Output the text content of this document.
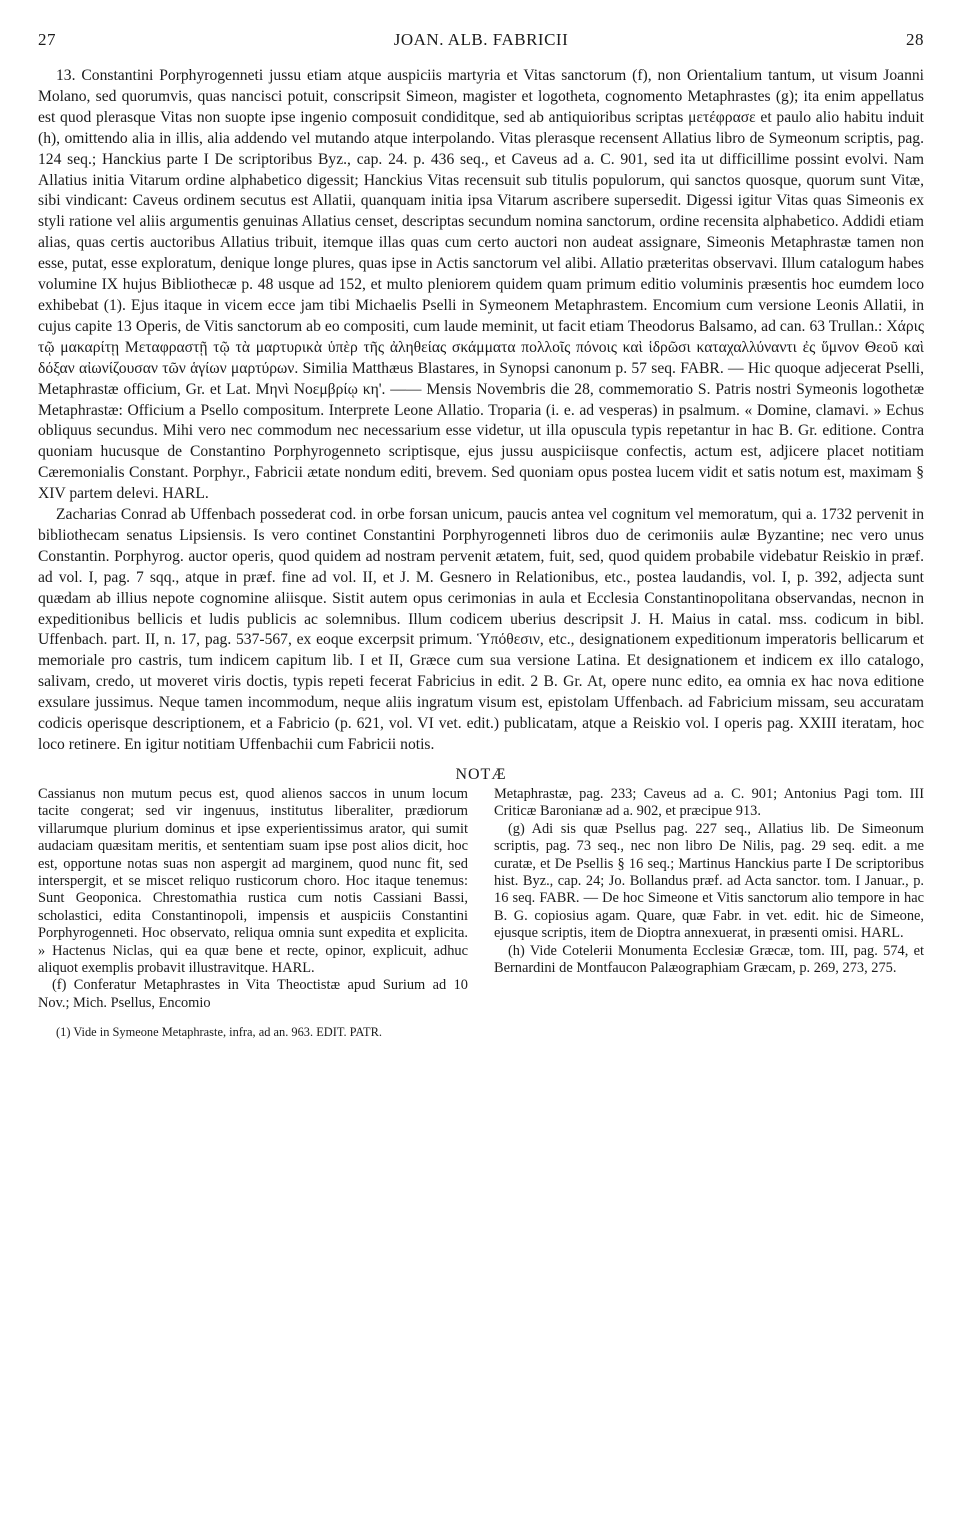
27	JOAN. ALB. FABRICII	28

13. Constantini Porphyrogenneti jussu etiam atque auspiciis martyria et Vitas sanctorum (f), non Orientalium tantum, ut visum Joanni Molano, sed quorumvis, quas nancisci potuit, conscripsit Simeon, magister et logotheta, cognomento Metaphrastes (g); ita enim appellatus est quod plerasque Vitas non suopte ipse ingenio composuit condiditque, sed ab antiquioribus scriptas μετέφρασε et paulo alio habitu induit (h), omittendo alia in illis, alia addendo vel mutando atque interpolando. Vitas plerasque recensent Allatius libro de Symeonum scriptis, pag. 124 seq.; Hanckius parte I De scriptoribus Byz., cap. 24. p. 436 seq., et Caveus ad a. C. 901, sed ita ut difficillime possint evolvi. Nam Allatius initia Vitarum ordine alphabetico digessit; Hanckius Vitas recensuit sub titulis populorum, qui sanctos quosque, quorum sunt Vitæ, sibi vindicant: Caveus ordinem secutus est Allatii, quanquam initia ipsa Vitarum ascribere supersedit. Digessi igitur Vitas quas Simeonis ex styli ratione vel aliis argumentis genuinas Allatius censet, descriptas secundum nomina sanctorum, ordine recensita alphabetico. Addidi etiam alias, quas certis auctoribus Allatius tribuit, itemque illas quas cum certo auctori non audeat assignare, Simeonis Metaphrastæ tamen non esse, putat, esse exploratum, denique longe plures, quas ipse in Actis sanctorum vel alibi. Allatio præteritas observavi. Illum catalogum habes volumine IX hujus Bibliothecæ p. 48 usque ad 152, et multo pleniorem quidem quam primum editio voluminis præsentis hoc eumdem loco exhibebat (1). Ejus itaque in vicem ecce jam tibi Michaelis Pselli in Symeonem Metaphrastem. Encomium cum versione Leonis Allatii, in cujus capite 13 Operis, de Vitis sanctorum ab eo compositi, cum laude meminit, ut facit etiam Theodorus Balsamo, ad can. 63 Trullan.: Χάρις τῷ μακαρίτῃ Μεταφραστῇ τῷ τὰ μαρτυρικὰ ὑπὲρ τῆς ἀληθείας σκάμματα πολλοῖς πόνοις καὶ ἱδρῶσι καταχαλλύναντι ἐς ὕμνον Θεοῦ καὶ δόξαν αἰωνίζουσαν τῶν ἁγίων μαρτύρων. Similia Matthæus Blastares, in Synopsi canonum p. 57 seq. FABR. — Hic quoque adjecerat Pselli, Metaphrastæ officium, Gr. et Lat. Μηνὶ Νοεμβρίῳ κη'. —— Mensis Novembris die 28, commemoratio S. Patris nostri Symeonis logothetæ Metaphrastæ: Officium a Psello compositum. Interprete Leone Allatio. Troparia (i. e. ad vesperas) in psalmum. « Domine, clamavi. » Echus obliquus secundus. Mihi vero nec commodum nec necessarium esse videtur, ut illa opuscula typis repetantur in hac B. Gr. editione. Contra quoniam hucusque de Constantino Porphyrogenneto scriptisque, ejus jussu auspiciisque confectis, actum est, adjicere placet notitiam Cæremonialis Constant. Porphyr., Fabricii ætate nondum editi, brevem. Sed quoniam opus postea lucem vidit et satis notum est, maximam § XIV partem delevi. HARL.

Zacharias Conrad ab Uffenbach possederat cod. in orbe forsan unicum, paucis antea vel cognitum vel memoratum, qui a. 1732 pervenit in bibliothecam senatus Lipsiensis. Is vero continet Constantini Porphyrogenneti libros duo de cerimoniis aulæ Byzantine; nec vero unus Constantin. Porphyrog. auctor operis, quod quidem ad nostram pervenit ætatem, fuit, sed, quod quidem probabile videbatur Reiskio in præf. ad vol. I, pag. 7 sqq., atque in præf. fine ad vol. II, et J. M. Gesnero in Relationibus, etc., postea laudandis, vol. I, p. 392, adjecta sunt quædam ab illius nepote cognomine aliisque. Sistit autem opus cerimonias in aula et Ecclesia Constantinopolitana observandas, necnon in expeditionibus bellicis et ludis publicis ac solemnibus. Illum codicem uberius descripsit J. H. Maius in catal. mss. codicum in bibl. Uffenbach. part. II, n. 17, pag. 537-567, ex eoque excerpsit primum. Ὑπόθεσιν, etc., designationem expeditionum imperatoris bellicarum et memoriale pro castris, tum indicem capitum lib. I et II, Græce cum sua versione Latina. Et designationem et indicem ex illo catalogo, salivam, credo, ut moveret viris doctis, typis repeti fecerat Fabricius in edit. 2 B. Gr. At, opere nunc edito, ea omnia ex hac nova editione exsulare jussimus. Neque tamen incommodum, neque aliis ingratum visum est, epistolam Uffenbach. ad Fabricium missam, seu accuratam codicis operisque descriptionem, et a Fabricio (p. 621, vol. VI vet. edit.) publicatam, atque a Reiskio vol. I operis pag. XXIII iteratam, hoc loco retinere. En igitur notitiam Uffenbachii cum Fabricii notis.

NOTÆ

Cassianus non mutum pecus est, quod alienos saccos in unum locum tacite congerat; sed vir ingenuus, institutus liberaliter, prædiorum villarumque plurium dominus et ipse experientissimus arator, qui sumit audaciam quæsitam meritis, et sententiam suam ipse post alios dicit, hoc est, opportune notas suas non aspergit ad marginem, quod nunc fit, sed interspergit, et se miscet reliquo rusticorum choro. Hoc itaque tenemus: Sunt Geoponica. Chrestomathia rustica cum notis Cassiani Bassi, scholastici, edita Constantinopoli, impensis et auspiciis Constantini Porphyrogenneti. Hoc observato, reliqua omnia sunt expedita et explicita. » Hactenus Niclas, qui ea quæ bene et recte, opinor, explicuit, adhuc aliquot exemplis probavit illustravitque. HARL.

(f) Conferatur Metaphrastes in Vita Theoctistæ apud Surium ad 10 Nov.; Mich. Psellus, Encomio

Metaphrastæ, pag. 233; Caveus ad a. C. 901; Antonius Pagi tom. III Criticæ Baronianæ ad a. 902, et præcipue 913.

(g) Adi sis quæ Psellus pag. 227 seq., Allatius lib. De Simeonum scriptis, pag. 73 seq., nec non libro De Nilis, pag. 29 seq. edit. a me curatæ, et De Psellis § 16 seq.; Martinus Hanckius parte I De scriptoribus hist. Byz., cap. 24; Jo. Bollandus præf. ad Acta sanctor. tom. I Januar., p. 16 seq. FABR. — De hoc Simeone et Vitis sanctorum alio tempore in hac B. G. copiosius agam. Quare, quæ Fabr. in vet. edit. hic de Simeone, ejusque scriptis, item de Dioptra annexuerat, in præsenti omisi. HARL.

(h) Vide Cotelerii Monumenta Ecclesiæ Græcæ, tom. III, pag. 574, et Bernardini de Montfaucon Palæographiam Græcam, p. 269, 273, 275.

(1) Vide in Symeone Metaphraste, infra, ad an. 963. EDIT. PATR.
